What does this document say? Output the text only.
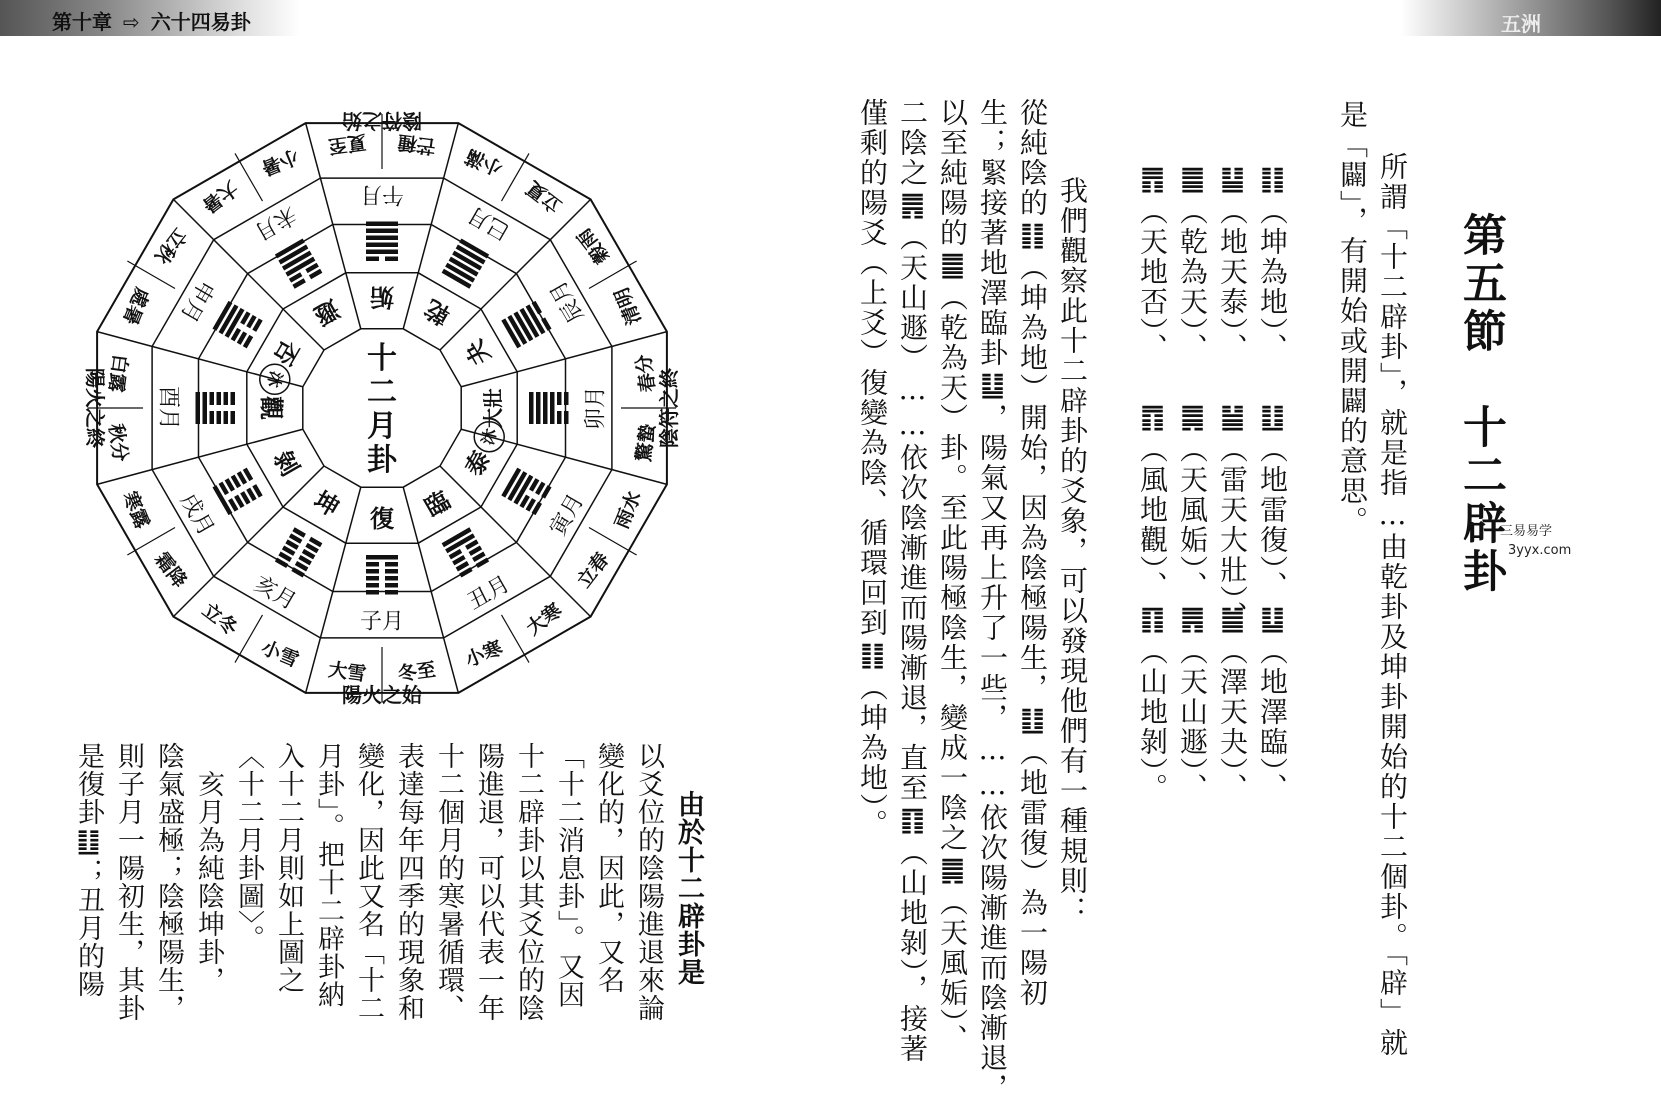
第十章 ⇨ 六十四易卦	五洲
第五節　十二辟卦
三易易学
3yyx.com
所謂「十二辟卦」，就是指…
由乾卦及坤卦開始的十二個卦。「辟」就
是「闢」，有開始或開闢的意思。
䷁（坤為地）、
䷗（地雷復）、
䷒（地澤臨）、
䷊（地天泰）、
䷡（雷天大壯）、
䷪（澤天夬）、
䷀（乾為天）、
䷫（天風姤）、
䷠（天山遯）、
䷋（天地否）、
䷓（風地觀）、
䷖（山地剝）。
　　我們觀察此十二辟卦的爻象，可以發現他們有一種規則：
從純陰的䷁（坤為地）開始，因為陰極陽生，䷗（地雷復）為一陽初
生；緊接著地澤臨卦䷒，陽氣又再上升了一些，……依次陽漸進而陰漸退，
以至純陽的䷀（乾為天）卦。至此陽極陰生，變成一陰之䷫（天風姤）、
二陰之䷠（天山遯）……依次陰漸進而陽漸退，直至䷖（山地剝），接著
僅剩的陽爻（上爻）復變為陰、循環回到䷁（坤為地）。
十二月卦
復
子月
冬至
大雪
臨
丑月
大寒
小寒
泰
寅月 雨水
立春
大壯	卯月
春分
驚蟄
夬
辰月
穀雨
清明
乾
巳月
小滿
立夏
姤
午月
夏至 芒種
遯
未月
大暑
小暑
否
申月
處暑
立秋
觀
酉月
秋分
白露
剝
戌月
霜降
寒露	坤
亥月
小雪
立冬
沐
沐
陽火之始
陰符之終
陰符之始
陽火之終
　由於十二辟卦是
以爻位的陰陽進退來論
變化的，因此，又名
「十二消息卦」。又因
十二辟卦以其爻位的陰
陽進退，可以代表一年
十二個月的寒暑循環、
表達每年四季的現象和
變化，因此又名「十二
月卦」。把十二辟卦納
入十二月則如上圖之
〈十二月卦圖〉。
　亥月為純陰坤卦，
陰氣盛極；陰極陽生，
則子月一陽初生，其卦
是復卦䷗；丑月的陽
